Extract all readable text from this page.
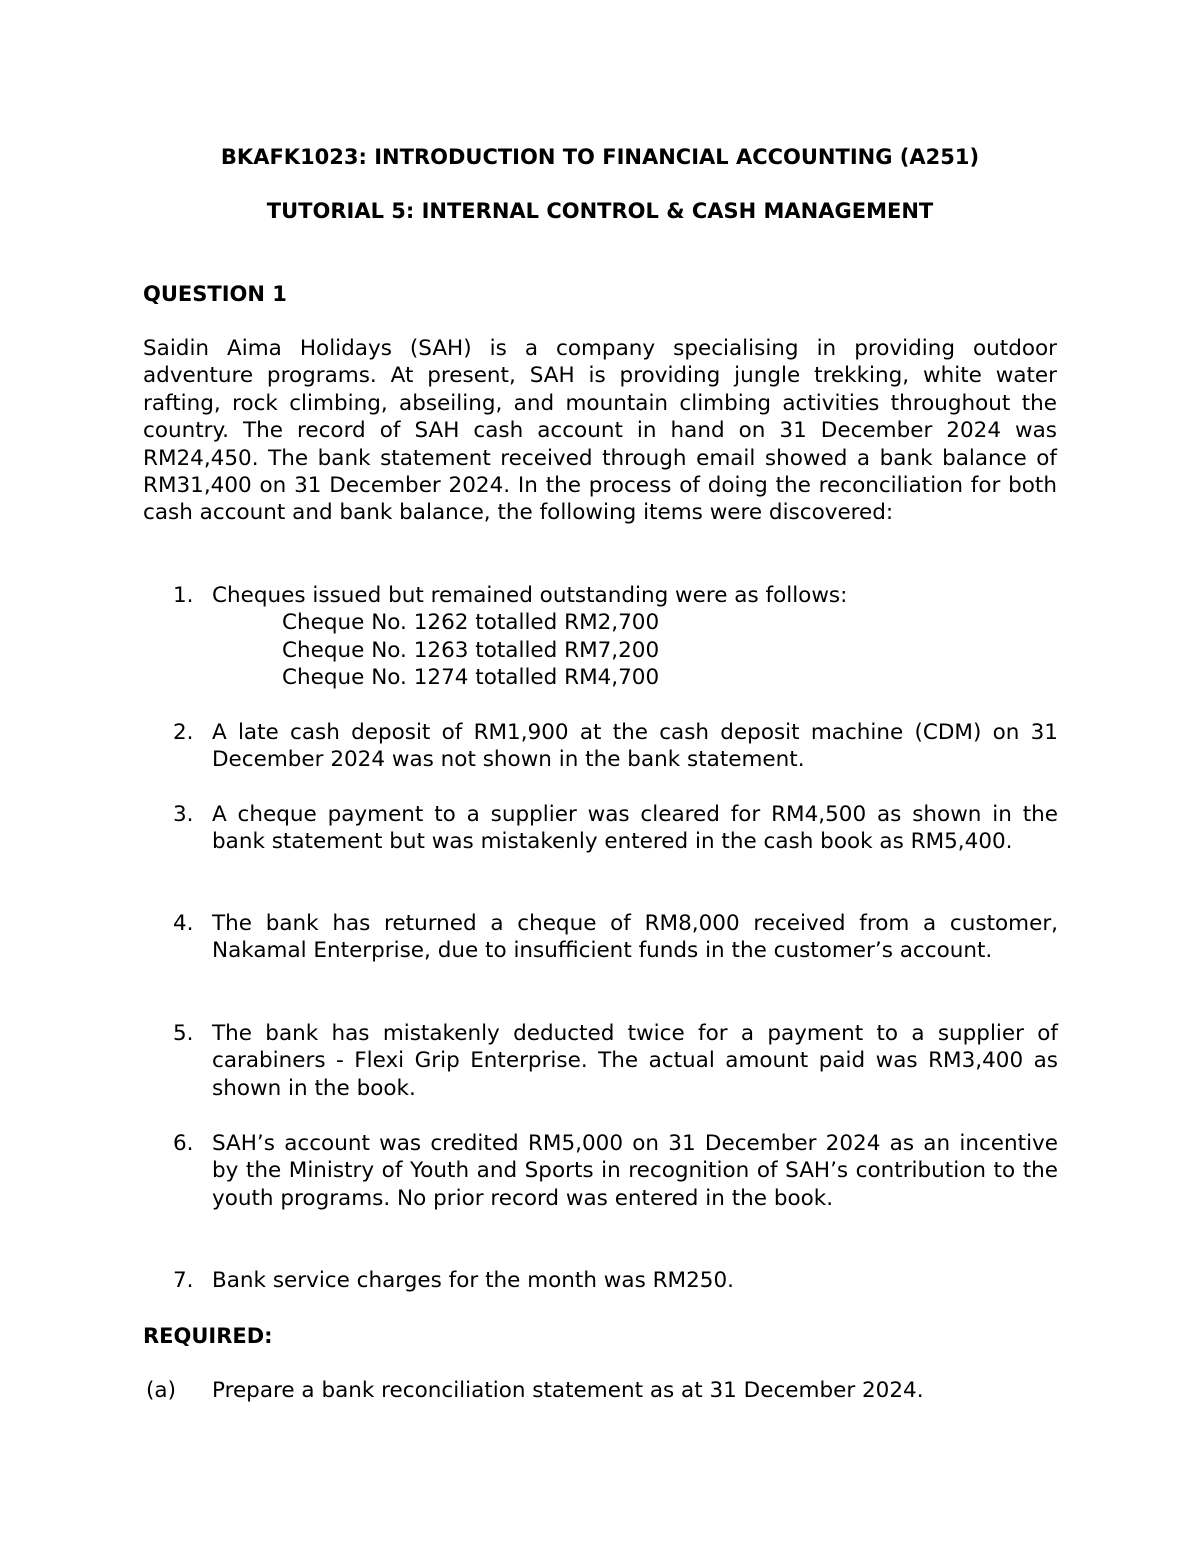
BKAFK1023: INTRODUCTION TO FINANCIAL ACCOUNTING (A251)
TUTORIAL 5: INTERNAL CONTROL & CASH MANAGEMENT
QUESTION 1

Saidin Aima Holidays (SAH) is a company specialising in providing outdoor adventure programs. At present, SAH is providing jungle trekking, white water rafting, rock climbing, abseiling, and mountain climbing activities throughout the country. The record of SAH cash account in hand on 31 December 2024 was RM24,450. The bank statement received through email showed a bank balance of RM31,400 on 31 December 2024. In the process of doing the reconciliation for both cash account and bank balance, the following items were discovered:

1. Cheques issued but remained outstanding were as follows:
Cheque No. 1262 totalled RM2,700
Cheque No. 1263 totalled RM7,200
Cheque No. 1274 totalled RM4,700
2. A late cash deposit of RM1,900 at the cash deposit machine (CDM) on 31 December 2024 was not shown in the bank statement.
3. A cheque payment to a supplier was cleared for RM4,500 as shown in the bank statement but was mistakenly entered in the cash book as RM5,400.
4. The bank has returned a cheque of RM8,000 received from a customer, Nakamal Enterprise, due to insufficient funds in the customer’s account.
5. The bank has mistakenly deducted twice for a payment to a supplier of carabiners - Flexi Grip Enterprise. The actual amount paid was RM3,400 as shown in the book.
6. SAH’s account was credited RM5,000 on 31 December 2024 as an incentive by the Ministry of Youth and Sports in recognition of SAH’s contribution to the youth programs. No prior record was entered in the book.
7. Bank service charges for the month was RM250.
REQUIRED:
(a) Prepare a bank reconciliation statement as at 31 December 2024.
